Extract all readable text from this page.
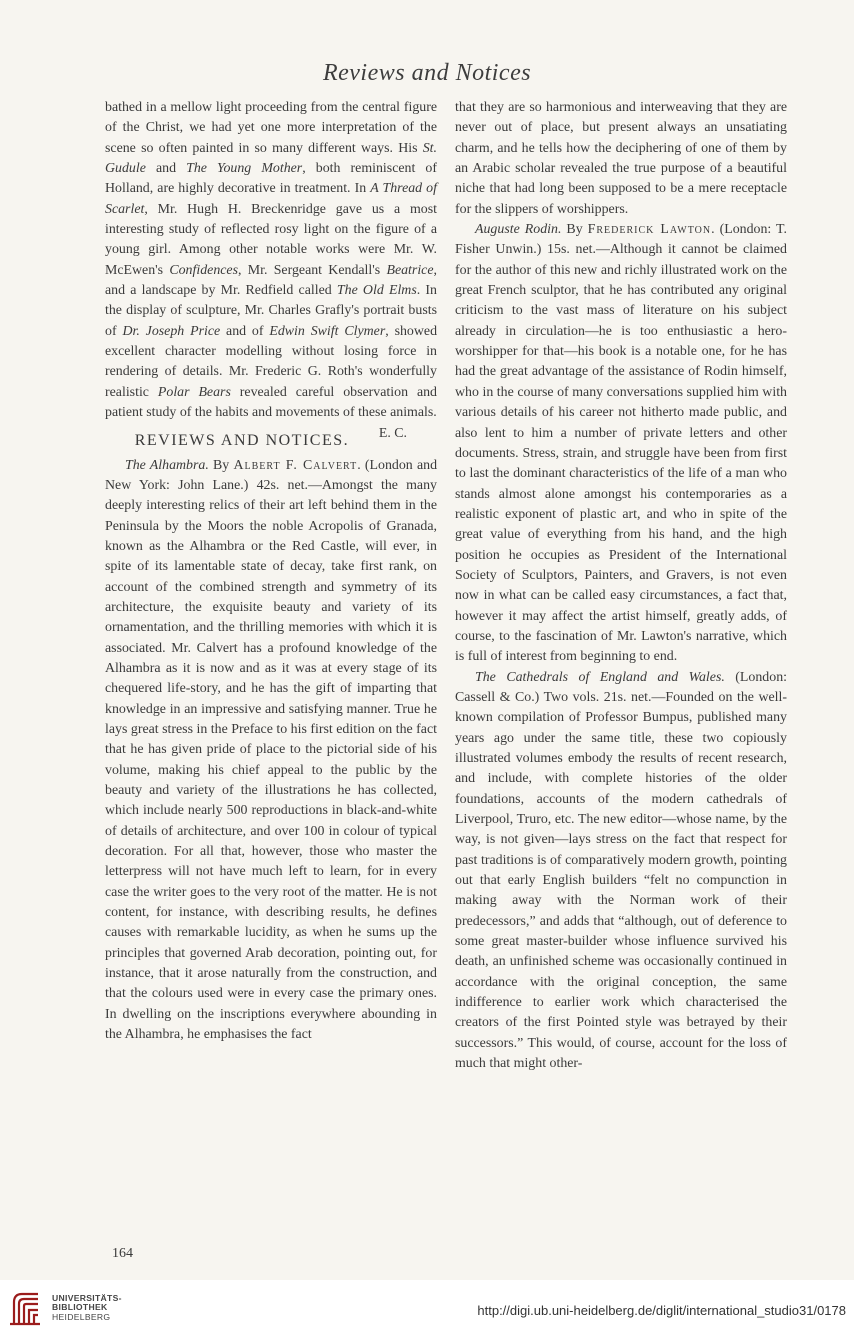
Reviews and Notices

bathed in a mellow light proceeding from the central figure of the Christ, we had yet one more interpretation of the scene so often painted in so many different ways. His St. Gudule and The Young Mother, both reminiscent of Holland, are highly decorative in treatment. In A Thread of Scarlet, Mr. Hugh H. Breckenridge gave us a most interesting study of reflected rosy light on the figure of a young girl. Among other notable works were Mr. W. McEwen's Confidences, Mr. Sergeant Kendall's Beatrice, and a landscape by Mr. Redfield called The Old Elms. In the display of sculpture, Mr. Charles Grafly's portrait busts of Dr. Joseph Price and of Edwin Swift Clymer, showed excellent character modelling without losing force in rendering of details. Mr. Frederic G. Roth's wonderfully realistic Polar Bears revealed careful observation and patient study of the habits and movements of these animals.
E. C.

REVIEWS AND NOTICES.

The Alhambra. By Albert F. Calvert. (London and New York: John Lane.) 42s. net.—Amongst the many deeply interesting relics of their art left behind them in the Peninsula by the Moors the noble Acropolis of Granada, known as the Alhambra or the Red Castle, will ever, in spite of its lamentable state of decay, take first rank, on account of the combined strength and symmetry of its architecture, the exquisite beauty and variety of its ornamentation, and the thrilling memories with which it is associated. Mr. Calvert has a profound knowledge of the Alhambra as it is now and as it was at every stage of its chequered life-story, and he has the gift of imparting that knowledge in an impressive and satisfying manner. True he lays great stress in the Preface to his first edition on the fact that he has given pride of place to the pictorial side of his volume, making his chief appeal to the public by the beauty and variety of the illustrations he has collected, which include nearly 500 reproductions in black-and-white of details of architecture, and over 100 in colour of typical decoration. For all that, however, those who master the letterpress will not have much left to learn, for in every case the writer goes to the very root of the matter. He is not content, for instance, with describing results, he defines causes with remarkable lucidity, as when he sums up the principles that governed Arab decoration, pointing out, for instance, that it arose naturally from the construction, and that the colours used were in every case the primary ones. In dwelling on the inscriptions everywhere abounding in the Alhambra, he emphasises the fact

that they are so harmonious and interweaving that they are never out of place, but present always an unsatiating charm, and he tells how the deciphering of one of them by an Arabic scholar revealed the true purpose of a beautiful niche that had long been supposed to be a mere receptacle for the slippers of worshippers.

Auguste Rodin. By Frederick Lawton. (London: T. Fisher Unwin.) 15s. net.—Although it cannot be claimed for the author of this new and richly illustrated work on the great French sculptor, that he has contributed any original criticism to the vast mass of literature on his subject already in circulation—he is too enthusiastic a hero-worshipper for that—his book is a notable one, for he has had the great advantage of the assistance of Rodin himself, who in the course of many conversations supplied him with various details of his career not hitherto made public, and also lent to him a number of private letters and other documents. Stress, strain, and struggle have been from first to last the dominant characteristics of the life of a man who stands almost alone amongst his contemporaries as a realistic exponent of plastic art, and who in spite of the great value of everything from his hand, and the high position he occupies as President of the International Society of Sculptors, Painters, and Gravers, is not even now in what can be called easy circumstances, a fact that, however it may affect the artist himself, greatly adds, of course, to the fascination of Mr. Lawton's narrative, which is full of interest from beginning to end.

The Cathedrals of England and Wales. (London: Cassell & Co.) Two vols. 21s. net.—Founded on the well-known compilation of Professor Bumpus, published many years ago under the same title, these two copiously illustrated volumes embody the results of recent research, and include, with complete histories of the older foundations, accounts of the modern cathedrals of Liverpool, Truro, etc. The new editor—whose name, by the way, is not given—lays stress on the fact that respect for past traditions is of comparatively modern growth, pointing out that early English builders “felt no compunction in making away with the Norman work of their predecessors,” and adds that “although, out of deference to some great master-builder whose influence survived his death, an unfinished scheme was occasionally continued in accordance with the original conception, the same indifference to earlier work which characterised the creators of the first Pointed style was betrayed by their successors.” This would, of course, account for the loss of much that might other-

164
UNIVERSITÄTS-
BIBLIOTHEK
HEIDELBERG	http://digi.ub.uni-heidelberg.de/diglit/international_studio31/0178
